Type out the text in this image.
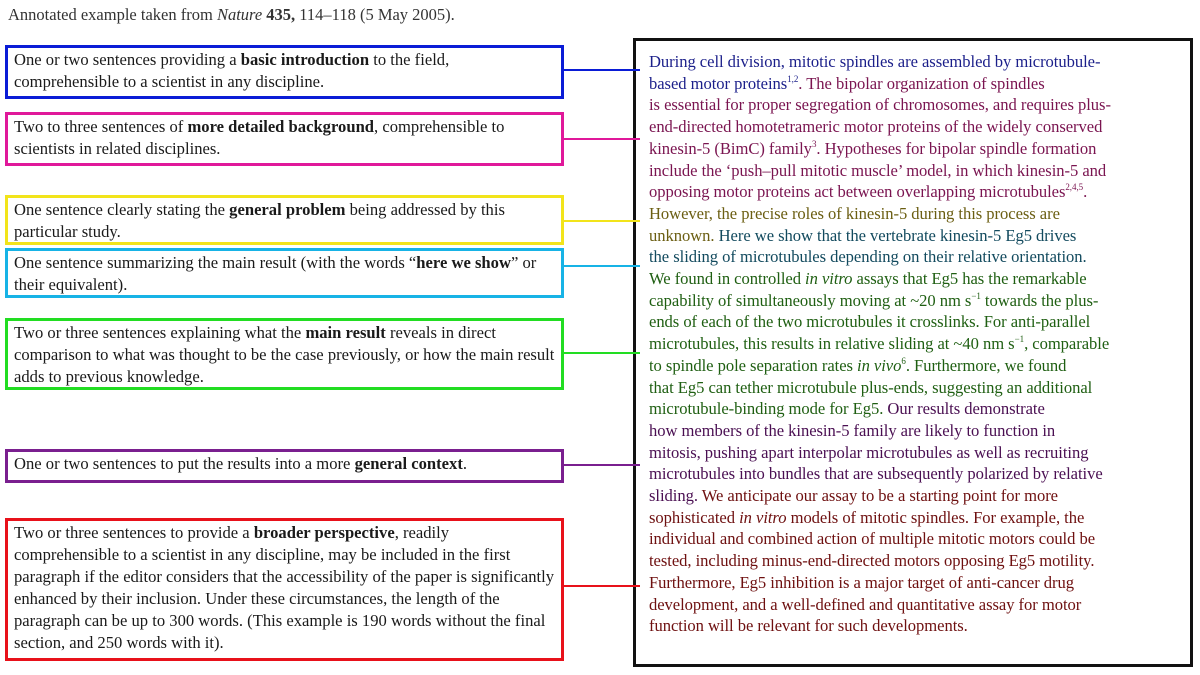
Annotated example taken from Nature 435, 114–118 (5 May 2005).
One or two sentences providing a basic introduction to the field, comprehensible to a scientist in any discipline.
Two to three sentences of more detailed background, comprehensible to scientists in related disciplines.
One sentence clearly stating the general problem being addressed by this particular study.
One sentence summarizing the main result (with the words “here we show” or their equivalent).
Two or three sentences explaining what the main result reveals in direct comparison to what was thought to be the case previously, or how the main result adds to previous knowledge.
One or two sentences to put the results into a more general context.
Two or three sentences to provide a broader perspective, readily comprehensible to a scientist in any discipline, may be included in the first paragraph if the editor considers that the accessibility of the paper is significantly enhanced by their inclusion. Under these circumstances, the length of the paragraph can be up to 300 words. (This example is 190 words without the final section, and 250 words with it).
During cell division, mitotic spindles are assembled by microtubule-
based motor proteins$^{1,2}$. The bipolar organization of spindles
is essential for proper segregation of chromosomes, and requires plus-
end-directed homotetrameric motor proteins of the widely conserved
kinesin-5 (BimC) family$^3$. Hypotheses for bipolar spindle formation
include the ‘push–pull mitotic muscle’ model, in which kinesin-5 and
opposing motor proteins act between overlapping microtubules$^{2,4,5}$.
However, the precise roles of kinesin-5 during this process are
unknown. Here we show that the vertebrate kinesin-5 Eg5 drives
the sliding of microtubules depending on their relative orientation.
We found in controlled in vitro assays that Eg5 has the remarkable
capability of simultaneously moving at ~20 nm $s^{-1}$ towards the plus-
ends of each of the two microtubules it crosslinks. For anti-parallel
microtubules, this results in relative sliding at ~40 nm $s^{-1}$, comparable
to spindle pole separation rates in vivo$^6$. Furthermore, we found
that Eg5 can tether microtubule plus-ends, suggesting an additional
microtubule-binding mode for Eg5. Our results demonstrate
how members of the kinesin-5 family are likely to function in
mitosis, pushing apart interpolar microtubules as well as recruiting
microtubules into bundles that are subsequently polarized by relative
sliding. We anticipate our assay to be a starting point for more
sophisticated in vitro models of mitotic spindles. For example, the
individual and combined action of multiple mitotic motors could be
tested, including minus-end-directed motors opposing Eg5 motility.
Furthermore, Eg5 inhibition is a major target of anti-cancer drug
development, and a well-defined and quantitative assay for motor
function will be relevant for such developments.
